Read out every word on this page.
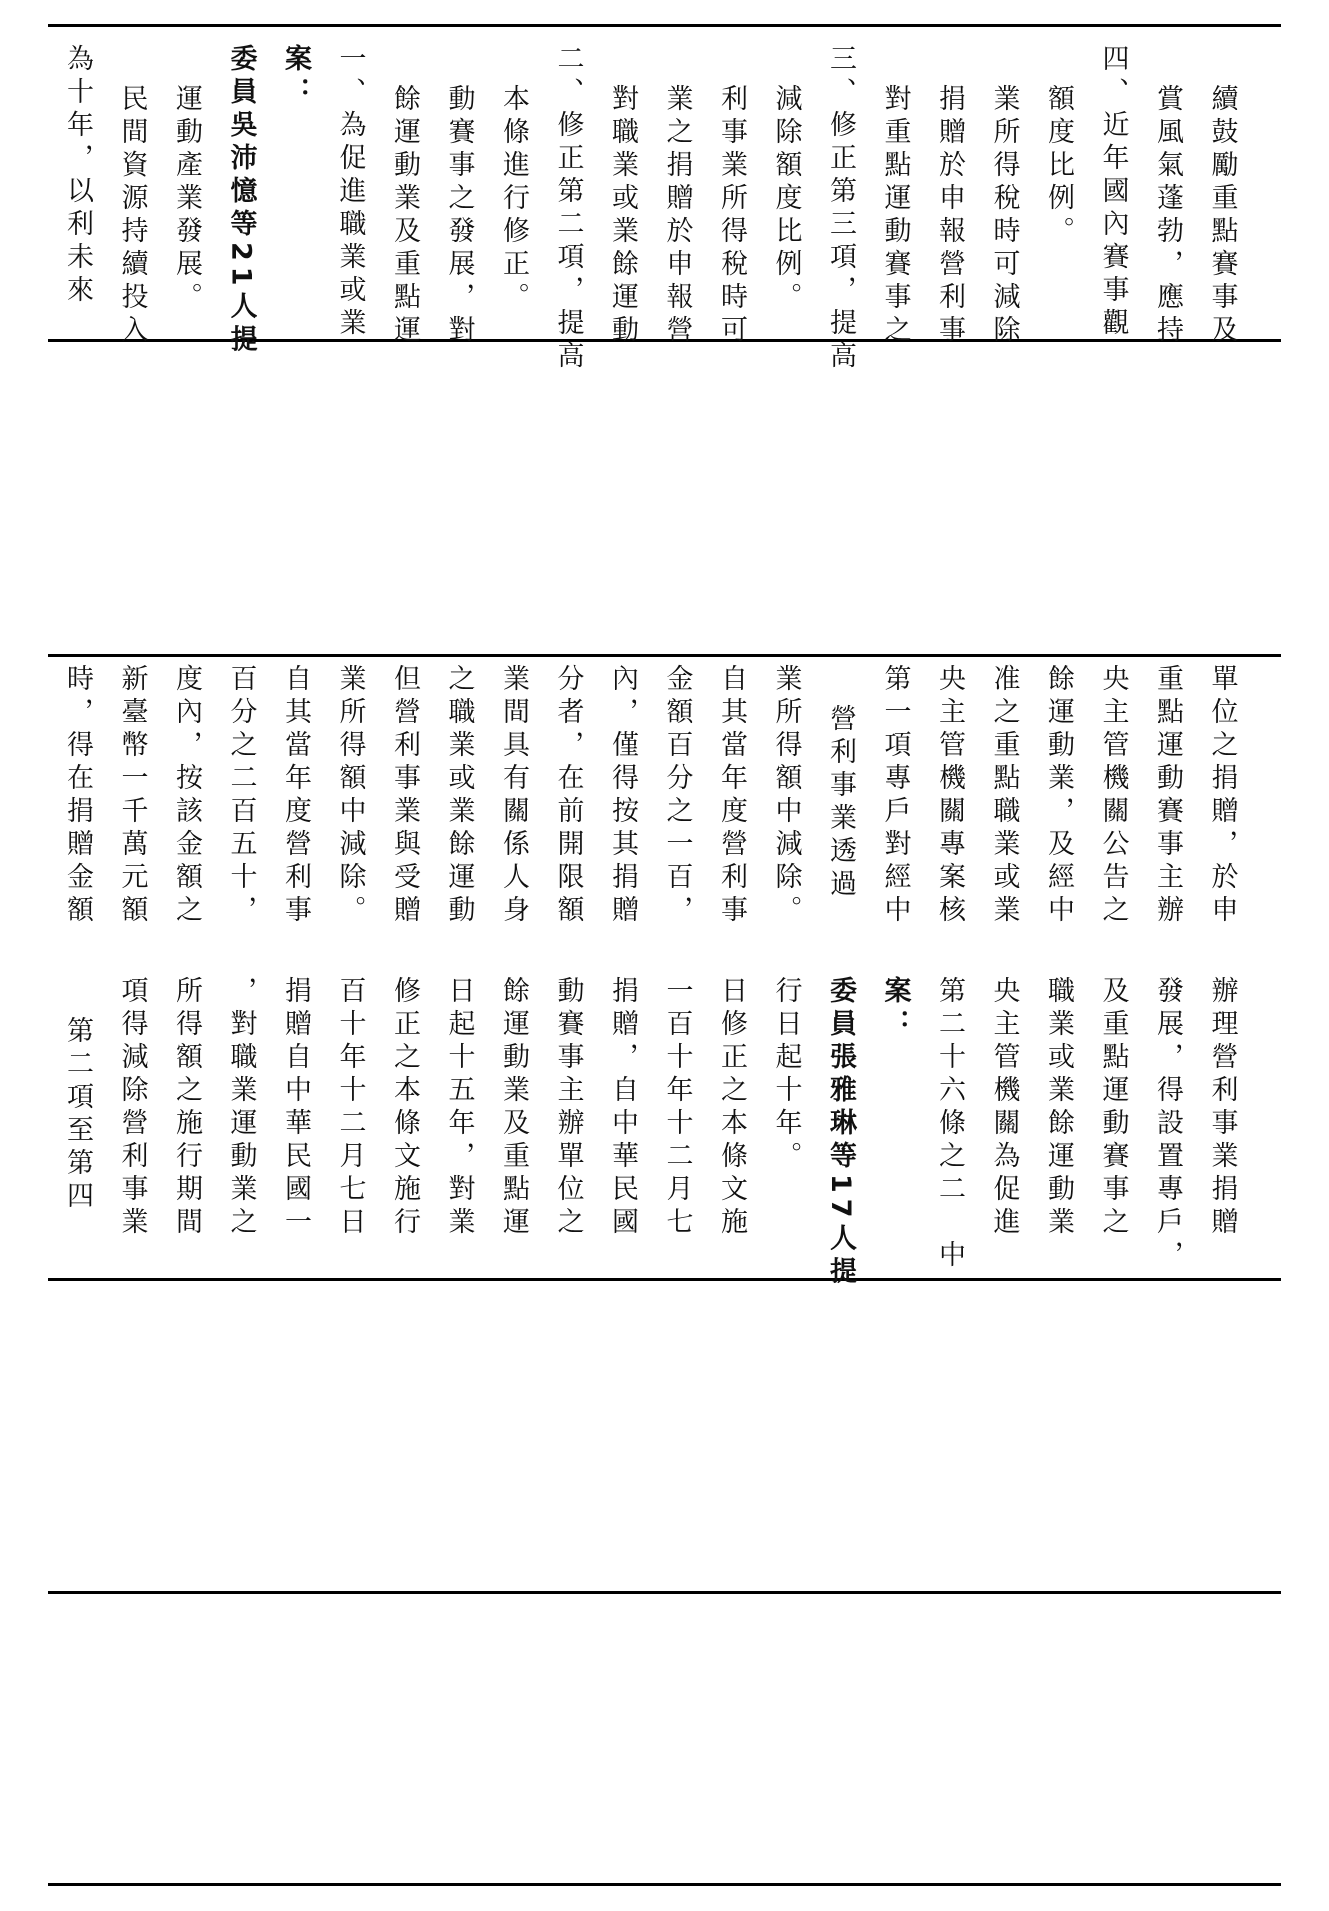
為十年，以利未來 民間資源持續投入 運動產業發展。 委員吳沛憶等21人提 案： 一、為促進職業或業 餘運動業及重點運 動賽事之發展，對 本條進行修正。 二、修正第二項，提高 對職業或業餘運動 業之捐贈於申報營 利事業所得稅時可 減除額度比例。 三、修正第三項，提高 對重點運動賽事之 捐贈於申報營利事 業所得稅時可減除 額度比例。 四、近年國內賽事觀 賞風氣蓬勃，應持 續鼓勵重點賽事及
時，得在捐贈金額 新臺幣一千萬元額 度內，按該金額之 百分之二百五十， 自其當年度營利事 業所得額中減除。 但營利事業與受贈 之職業或業餘運動 業間具有關係人身 分者，在前開限額 內，僅得按其捐贈 金額百分之一百， 自其當年度營利事 業所得額中減除。 營利事業透過 第一項專戶對經中 央主管機關專案核 准之重點職業或業 餘運動業，及經中 央主管機關公告之 重點運動賽事主辦 單位之捐贈，於申
第二項至第四 項得減除營利事業 所得額之施行期間 ，對職業運動業之 捐贈自中華民國一 百十年十二月七日 修正之本條文施行 日起十五年，對業 餘運動業及重點運 動賽事主辦單位之 捐贈，自中華民國 一百十年十二月七 日修正之本條文施 行日起十年。 委員張雅琳等17人提 案： 第二十六條之二　中 央主管機關為促進 職業或業餘運動業 及重點運動賽事之 發展，得設置專戶， 辦理營利事業捐贈
